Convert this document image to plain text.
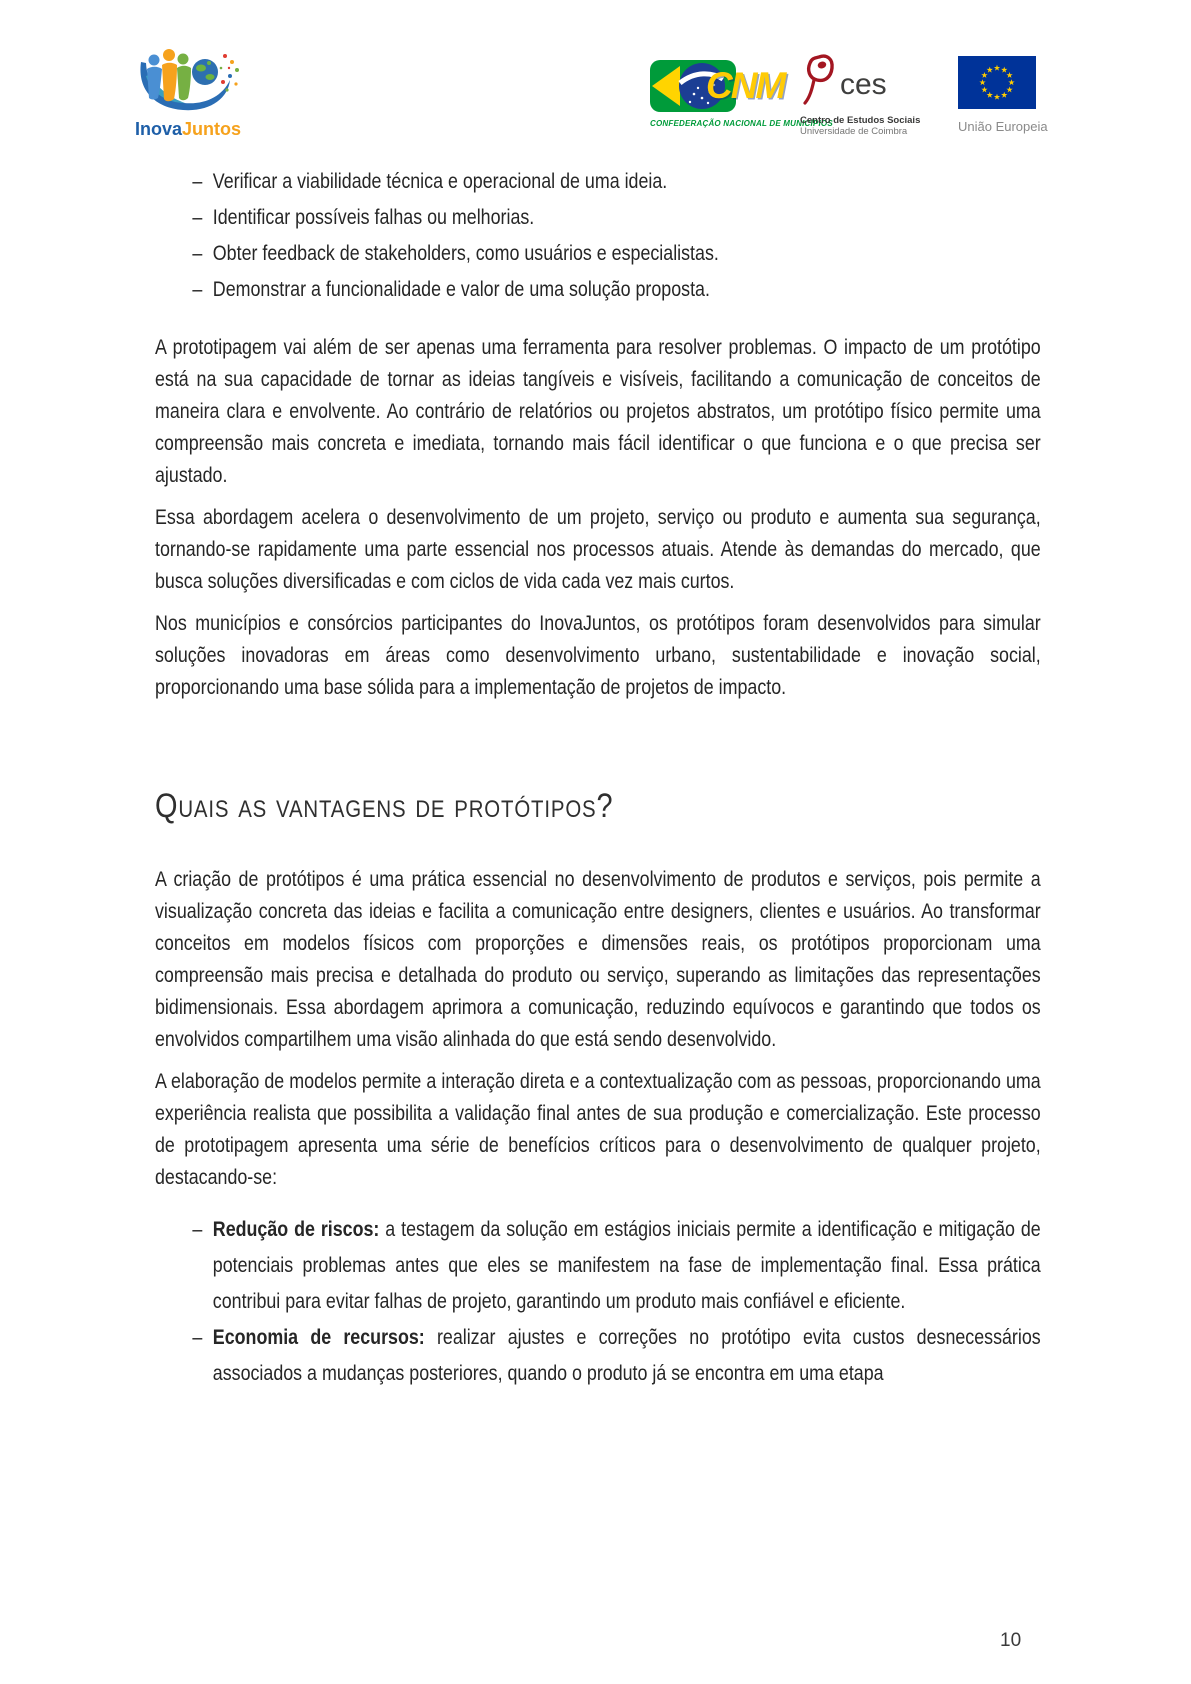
InovaJuntos
CNM
CONFEDERAÇÃO NACIONAL DE MUNICÍPIOS
ces
Centro de Estudos Sociais
Universidade de Coimbra	União Europeia
– Verificar a viabilidade técnica e operacional de uma ideia.
– Identificar possíveis falhas ou melhorias.
– Obter feedback de stakeholders, como usuários e especialistas.
– Demonstrar a funcionalidade e valor de uma solução proposta.

A prototipagem vai além de ser apenas uma ferramenta para resolver problemas. O impacto de um protótipo está na sua capacidade de tornar as ideias tangíveis e visíveis, facilitando a comunicação de conceitos de maneira clara e envolvente. Ao contrário de relatórios ou projetos abstratos, um protótipo físico permite uma compreensão mais concreta e imediata, tornando mais fácil identificar o que funciona e o que precisa ser ajustado.

Essa abordagem acelera o desenvolvimento de um projeto, serviço ou produto e aumenta sua segurança, tornando-se rapidamente uma parte essencial nos processos atuais. Atende às demandas do mercado, que busca soluções diversificadas e com ciclos de vida cada vez mais curtos.

Nos municípios e consórcios participantes do InovaJuntos, os protótipos foram desenvolvidos para simular soluções inovadoras em áreas como desenvolvimento urbano, sustentabilidade e inovação social, proporcionando uma base sólida para a implementação de projetos de impacto.

Quais as vantagens de protótipos?

A criação de protótipos é uma prática essencial no desenvolvimento de produtos e serviços, pois permite a visualização concreta das ideias e facilita a comunicação entre designers, clientes e usuários. Ao transformar conceitos em modelos físicos com proporções e dimensões reais, os protótipos proporcionam uma compreensão mais precisa e detalhada do produto ou serviço, superando as limitações das representações bidimensionais. Essa abordagem aprimora a comunicação, reduzindo equívocos e garantindo que todos os envolvidos compartilhem uma visão alinhada do que está sendo desenvolvido.

A elaboração de modelos permite a interação direta e a contextualização com as pessoas, proporcionando uma experiência realista que possibilita a validação final antes de sua produção e comercialização. Este processo de prototipagem apresenta uma série de benefícios críticos para o desenvolvimento de qualquer projeto, destacando-se:

– Redução de riscos: a testagem da solução em estágios iniciais permite a identificação e mitigação de potenciais problemas antes que eles se manifestem na fase de implementação final. Essa prática contribui para evitar falhas de projeto, garantindo um produto mais confiável e eficiente.
– Economia de recursos: realizar ajustes e correções no protótipo evita custos desnecessários associados a mudanças posteriores, quando o produto já se encontra em uma etapa
10
